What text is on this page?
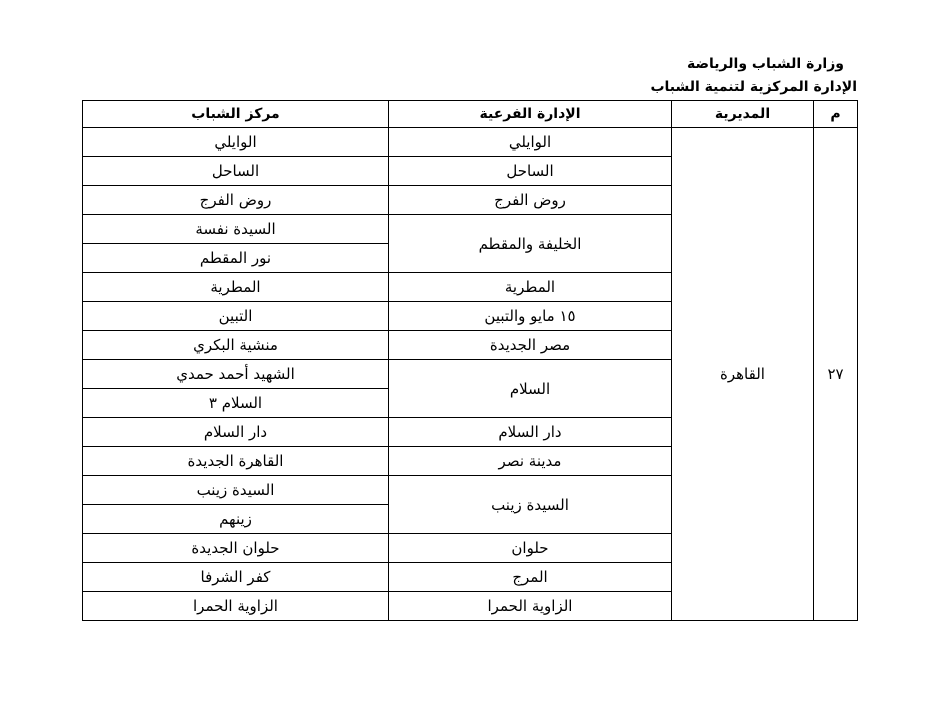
وزارة الشباب والرياضة
الإدارة المركزية لتنمية الشباب
م	المديرية	الإدارة الفرعية	مركز الشباب
٢٧	القاهرة	الوايلي	الوايلي
		الساحل	الساحل
		روض الفرج	روض الفرج
		الخليفة والمقطم	السيدة نفسة
			نور المقطم
		المطرية	المطرية
		١٥ مايو والتبين	التبين
		مصر الجديدة	منشية البكري
		السلام	الشهيد أحمد حمدي
			السلام ٣
		دار السلام	دار السلام
		مدينة نصر	القاهرة الجديدة
		السيدة زينب	السيدة زينب
			زينهم
		حلوان	حلوان الجديدة
		المرج	كفر الشرفا
		الزاوية الحمرا	الزاوية الحمرا
